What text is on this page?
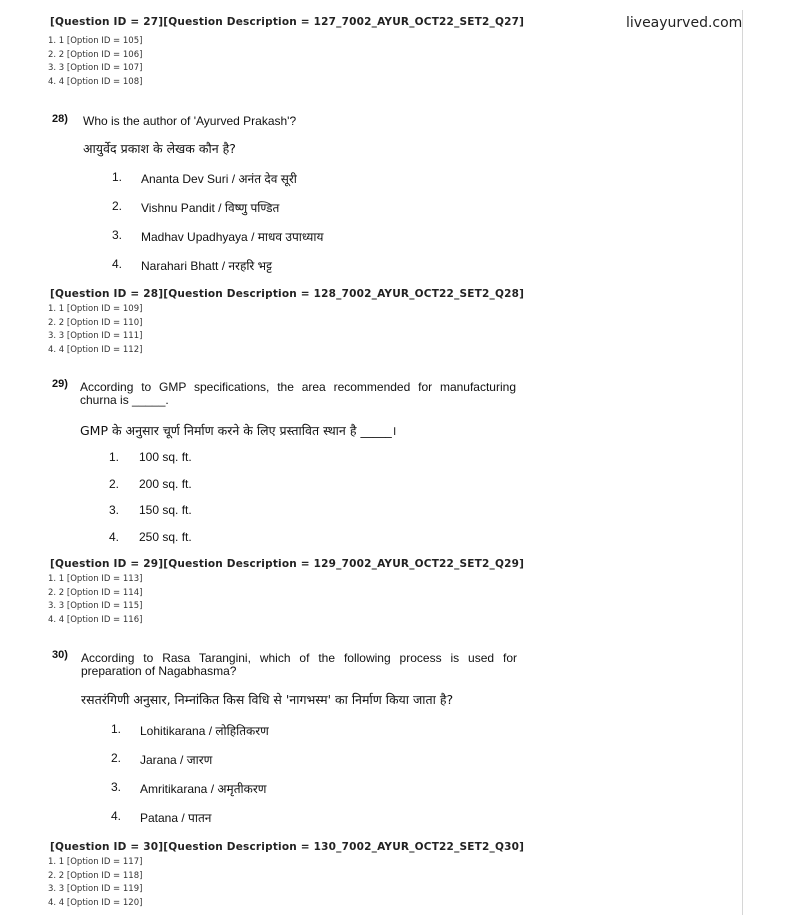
liveayurved.com
[Question ID = 27][Question Description = 127_7002_AYUR_OCT22_SET2_Q27]
1. 1 [Option ID = 105]
2. 2 [Option ID = 106]
3. 3 [Option ID = 107]
4. 4 [Option ID = 108]
28) Who is the author of 'Ayurved Prakash'?
आयुर्वेद प्रकाश के लेखक कौन है?
1. Ananta Dev Suri / अनंत देव सूरी
2. Vishnu Pandit / विष्णु पण्डित
3. Madhav Upadhyaya / माधव उपाध्याय
4. Narahari Bhatt / नरहरि भट्ट
[Question ID = 28][Question Description = 128_7002_AYUR_OCT22_SET2_Q28]
1. 1 [Option ID = 109]
2. 2 [Option ID = 110]
3. 3 [Option ID = 111]
4. 4 [Option ID = 112]
29) According to GMP specifications, the area recommended for manufacturing churna is _____.
GMP के अनुसार चूर्ण निर्माण करने के लिए प्रस्तावित स्थान है _____।
1. 100 sq. ft.
2. 200 sq. ft.
3. 150 sq. ft.
4. 250 sq. ft.
[Question ID = 29][Question Description = 129_7002_AYUR_OCT22_SET2_Q29]
1. 1 [Option ID = 113]
2. 2 [Option ID = 114]
3. 3 [Option ID = 115]
4. 4 [Option ID = 116]
30) According to Rasa Tarangini, which of the following process is used for preparation of Nagabhasma?
रसतरंगिणी अनुसार, निम्नांकित किस विधि से 'नागभस्म' का निर्माण किया जाता है?
1. Lohitikarana / लोहितिकरण
2. Jarana / जारण
3. Amritikarana / अमृतीकरण
4. Patana / पातन
[Question ID = 30][Question Description = 130_7002_AYUR_OCT22_SET2_Q30]
1. 1 [Option ID = 117]
2. 2 [Option ID = 118]
3. 3 [Option ID = 119]
4. 4 [Option ID = 120]
